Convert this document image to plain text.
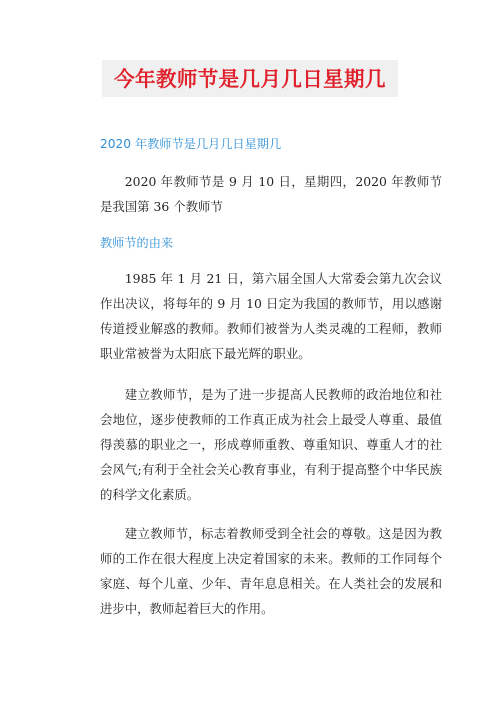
今年教师节是几月几日星期几
2020 年教师节是几月几日星期几

2020 年教师节是 9 月 10 日，星期四，2020 年教师节是我国第 36 个教师节

教师节的由来

1985 年 1 月 21 日，第六届全国人大常委会第九次会议作出决议，将每年的 9 月 10 日定为我国的教师节，用以感谢传道授业解惑的教师。教师们被誉为人类灵魂的工程师，教师职业常被誉为太阳底下最光辉的职业。

建立教师节，是为了进一步提高人民教师的政治地位和社会地位，逐步使教师的工作真正成为社会上最受人尊重、最值得羡慕的职业之一，形成尊师重教、尊重知识、尊重人才的社会风气;有利于全社会关心教育事业，有利于提高整个中华民族的科学文化素质。

建立教师节，标志着教师受到全社会的尊敬。这是因为教师的工作在很大程度上决定着国家的未来。教师的工作同每个家庭、每个儿童、少年、青年息息相关。在人类社会的发展和进步中，教师起着巨大的作用。
